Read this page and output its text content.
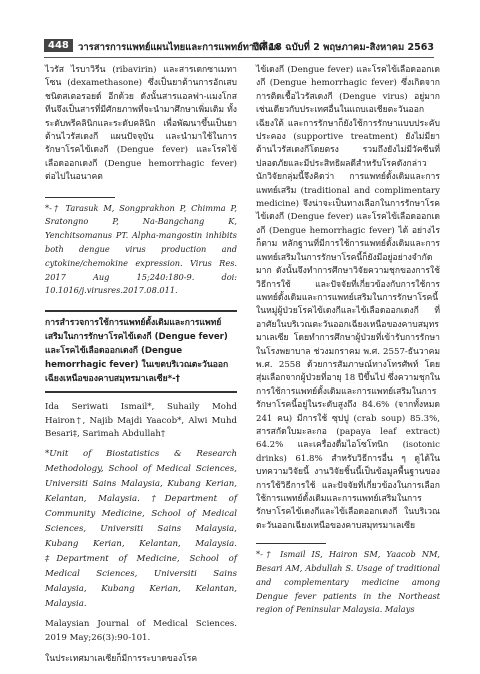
448 วารสารการแพทย์แผนไทยและการแพทย์ทางเลือก
ปีที่ 18 ฉบับที่ 2 พฤษภาคม-สิงหาคม 2563

ไวรัส ไรบาวิรีน (ribavirin) และสารเดกซาเมทาโซน (dexamethasone) ซึ่งเป็นยาต้านการอักเสบชนิดสเตอรอยด์ อีกด้วย ดังนั้นสารแอลฟา-แมงโกสทีนจึงเป็นสารที่มีศักยภาพที่จะนำมาศึกษาเพิ่มเติม ทั้งระดับพรีคลินิกและระดับคลินิก เพื่อพัฒนาขึ้นเป็นยาต้านไวรัสเดงกี แผนปัจจุบัน และนำมาใช้ในการรักษาโรคไข้เดงกี (Dengue fever) และโรคไข้เลือดออกเดงกี (Dengue hemorrhagic fever) ต่อไปในอนาคต

*-† Tarasuk M, Songprakhon P, Chimma P, Sratongno P, Na-Bangchang K, Yenchitsomanus PT. Alpha-mangostin inhibits both dengue virus production and cytokine/chemokine expression. Virus Res. 2017 Aug 15;240:180-9. doi: 10.1016/j.virusres.2017.08.011.

การสำรวจการใช้การแพทย์ดั้งเดิมและการแพทย์เสริมในการรักษาโรคไข้เดงกี (Dengue fever) และโรคไข้เลือดออกเดงกี (Dengue hemorrhagic fever) ในเขตบริเวณตะวันออกเฉียงเหนือของคาบสมุทรมาเลเซีย*-†

Ida Seriwati Ismail*, Suhaily Mohd Hairon†, Najib Majdi Yaacob*, Alwi Muhd Besari‡, Sarimah Abdullah†

*Unit of Biostatistics & Research Methodology, School of Medical Sciences, Universiti Sains Malaysia, Kubang Kerian, Kelantan, Malaysia. †Department of Community Medicine, School of Medical Sciences, Universiti Sains Malaysia, Kubang Kerian, Kelantan, Malaysia. ‡Department of Medicine, School of Medical Sciences, Universiti Sains Malaysia, Kubang Kerian, Kelantan, Malaysia.

Malaysian Journal of Medical Sciences. 2019 May;26(3):90-101.

ในประเทศมาเลเซียก็มีการระบาดของโรค

ไข้เดงกี (Dengue fever) และโรคไข้เลือดออกเดงกี (Dengue hemorrhagic fever) ซึ่งเกิดจากการติดเชื้อไวรัสเดงกี (Dengue virus) อยู่มากเช่นเดียวกับประเทศอื่นในแถบเอเชียตะวันออกเฉียงใต้ และการรักษาก็ยังใช้การรักษาแบบประคับประคอง (supportive treatment) ยังไม่มียาต้านไวรัสเดงกีโดยตรง รวมถึงยังไม่มีวัคซีนที่ปลอดภัยและมีประสิทธิผลดีสำหรับโรคดังกล่าว นักวิจัยกลุ่มนี้จึงคิดว่า การแพทย์ดั้งเดิมและการแพทย์เสริม (traditional and complimentary medicine) จึงน่าจะเป็นทางเลือกในการรักษาโรคไข้เดงกี (Dengue fever) และโรคไข้เลือดออกเดงกี (Dengue hemorrhagic fever) ได้ อย่างไรก็ตาม หลักฐานที่มีการใช้การแพทย์ดั้งเดิมและการแพทย์เสริมในการรักษาโรคนี้ก็ยังมีอยู่อย่างจำกัดมาก ดังนั้นจึงทำการศึกษาวิจัยความชุกของการใช้ วิธีการใช้ และปัจจัยที่เกี่ยวข้องกับการใช้การแพทย์ดั้งเดิมและการแพทย์เสริมในการรักษาโรคนี้ ในหมู่ผู้ป่วยโรคไข้เดงกีและไข้เลือดออกเดงกี ที่อาศัยในบริเวณตะวันออกเฉียงเหนือของคาบสมุทรมาเลเซีย โดยทำการศึกษาผู้ป่วยที่เข้ารับการรักษาในโรงพยาบาล ช่วงมกราคม พ.ศ. 2557-ธันวาคม พ.ศ. 2558 ด้วยการสัมภาษณ์ทางโทรศัพท์ โดยสุ่มเลือกจากผู้ป่วยที่อายุ 18 ปีขึ้นไป ซึ่งความชุกในการใช้การแพทย์ดั้งเดิมและการแพทย์เสริมในการรักษาโรคนี้อยู่ในระดับสูงถึง 84.6% (จากทั้งหมด 241 คน) มีการใช้ ซุปปู (crab soup) 85.3%, สารสกัดใบมะละกอ (papaya leaf extract) 64.2% และเครื่องดื่มไอโซโทนิก (isotonic drinks) 61.8% สำหรับวิธีการอื่น ๆ ดูได้ในบทความวิจัยนี้ งานวิจัยชิ้นนี้เป็นข้อมูลพื้นฐานของการใช้วิธีการใช้ และปัจจัยที่เกี่ยวข้องในการเลือกใช้การแพทย์ดั้งเดิมและการแพทย์เสริมในการรักษาโรคไข้เดงกีและไข้เลือดออกเดงกี ในบริเวณตะวันออกเฉียงเหนือของคาบสมุทรมาเลเซีย

*-† Ismail IS, Hairon SM, Yaacob NM, Besari AM, Abdullah S. Usage of traditional and complementary medicine among Dengue fever patients in the Northeast region of Peninsular Malaysia. Malays
